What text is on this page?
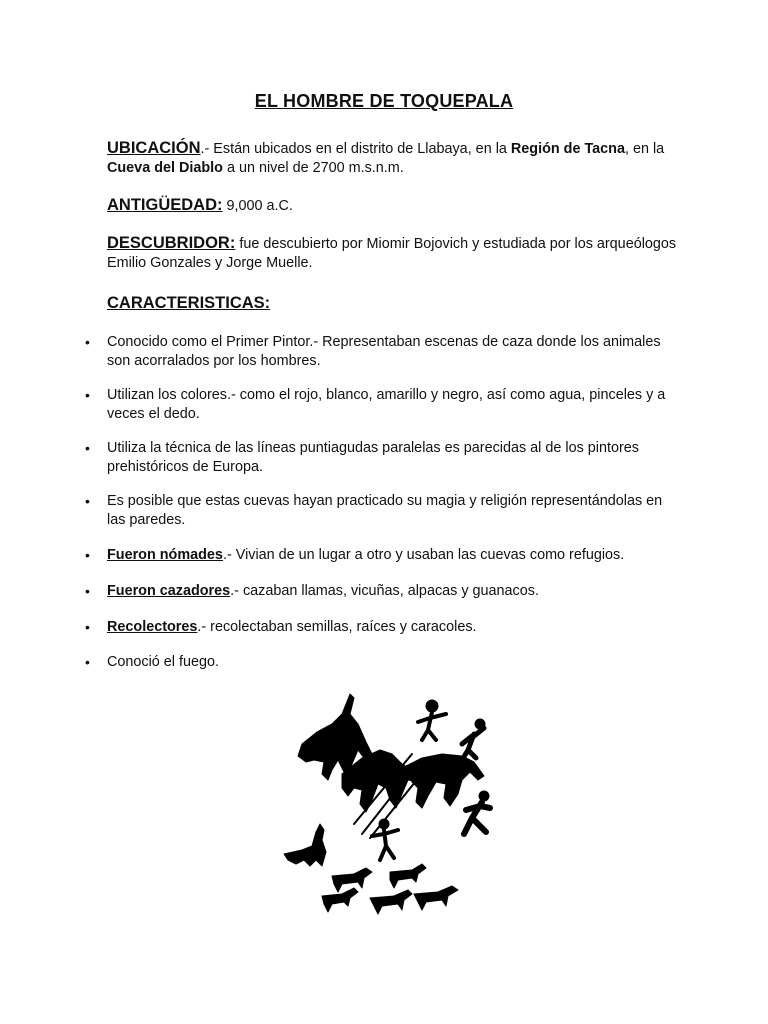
EL HOMBRE DE TOQUEPALA
UBICACIÓN.- Están ubicados en el distrito de Llabaya, en la Región de Tacna, en la Cueva del Diablo a un nivel de 2700 m.s.n.m.
ANTIGÜEDAD: 9,000 a.C.
DESCUBRIDOR: fue descubierto por Miomir Bojovich y estudiada por los arqueólogos Emilio Gonzales y Jorge Muelle.
CARACTERISTICAS:
• Conocido como el Primer Pintor.- Representaban escenas de caza donde los animales son acorralados por los hombres.
• Utilizan los colores.- como el rojo, blanco, amarillo y negro, así como agua, pinceles y a veces el dedo.
• Utiliza la técnica de las líneas puntiagudas paralelas es parecidas al de los pintores prehistóricos de Europa.
• Es posible que estas cuevas hayan practicado su magia y religión representándolas en las paredes.
• Fueron nómades.- Vivian de un lugar a otro y usaban las cuevas como refugios.
• Fueron cazadores.- cazaban llamas, vicuñas, alpacas y guanacos.
• Recolectores.- recolectaban semillas, raíces y caracoles.
• Conoció el fuego.
